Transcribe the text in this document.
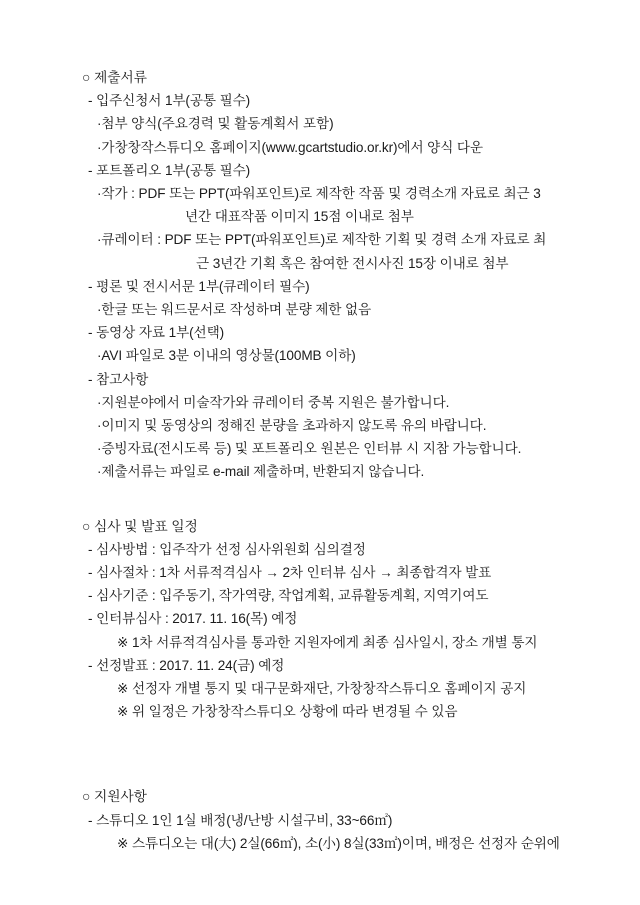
○ 제출서류
- 입주신청서 1부(공통 필수)
·첨부 양식(주요경력 및 활동계획서 포함)
·가창창작스튜디오 홈페이지(www.gcartstudio.or.kr)에서 양식 다운
- 포트폴리오 1부(공통 필수)
·작가 : PDF 또는 PPT(파워포인트)로 제작한 작품 및 경력소개 자료로 최근 3
년간 대표작품 이미지 15점 이내로 첨부
·큐레이터 : PDF 또는 PPT(파워포인트)로 제작한 기획 및 경력 소개 자료로 최
근 3년간 기획 혹은 참여한 전시사진 15장 이내로 첨부
- 평론 및 전시서문 1부(큐레이터 필수)
·한글 또는 워드문서로 작성하며 분량 제한 없음
- 동영상 자료 1부(선택)
·AVI 파일로 3분 이내의 영상물(100MB 이하)
- 참고사항
·지원분야에서 미술작가와 큐레이터 중복 지원은 불가합니다.
·이미지 및 동영상의 정해진 분량을 초과하지 않도록 유의 바랍니다.
·증빙자료(전시도록 등) 및 포트폴리오 원본은 인터뷰 시 지참 가능합니다.
·제출서류는 파일로 e-mail 제출하며, 반환되지 않습니다.
○ 심사 및 발표 일정
- 심사방법 : 입주작가 선정 심사위원회 심의결정
- 심사절차 : 1차 서류적격심사 → 2차 인터뷰 심사 → 최종합격자 발표
- 심사기준 : 입주동기, 작가역량, 작업계획, 교류활동계획, 지역기여도
- 인터뷰심사 : 2017. 11. 16(목) 예정
※ 1차 서류적격심사를 통과한 지원자에게 최종 심사일시, 장소 개별 통지
- 선정발표 : 2017. 11. 24(금) 예정
※ 선정자 개별 통지 및 대구문화재단, 가창창작스튜디오 홈페이지 공지
※ 위 일정은 가창창작스튜디오 상황에 따라 변경될 수 있음
○ 지원사항
- 스튜디오 1인 1실 배정(냉/난방 시설구비, 33~66㎡)
※ 스튜디오는 대(大) 2실(66㎡), 소(小) 8실(33㎡)이며, 배정은 선정자 순위에
